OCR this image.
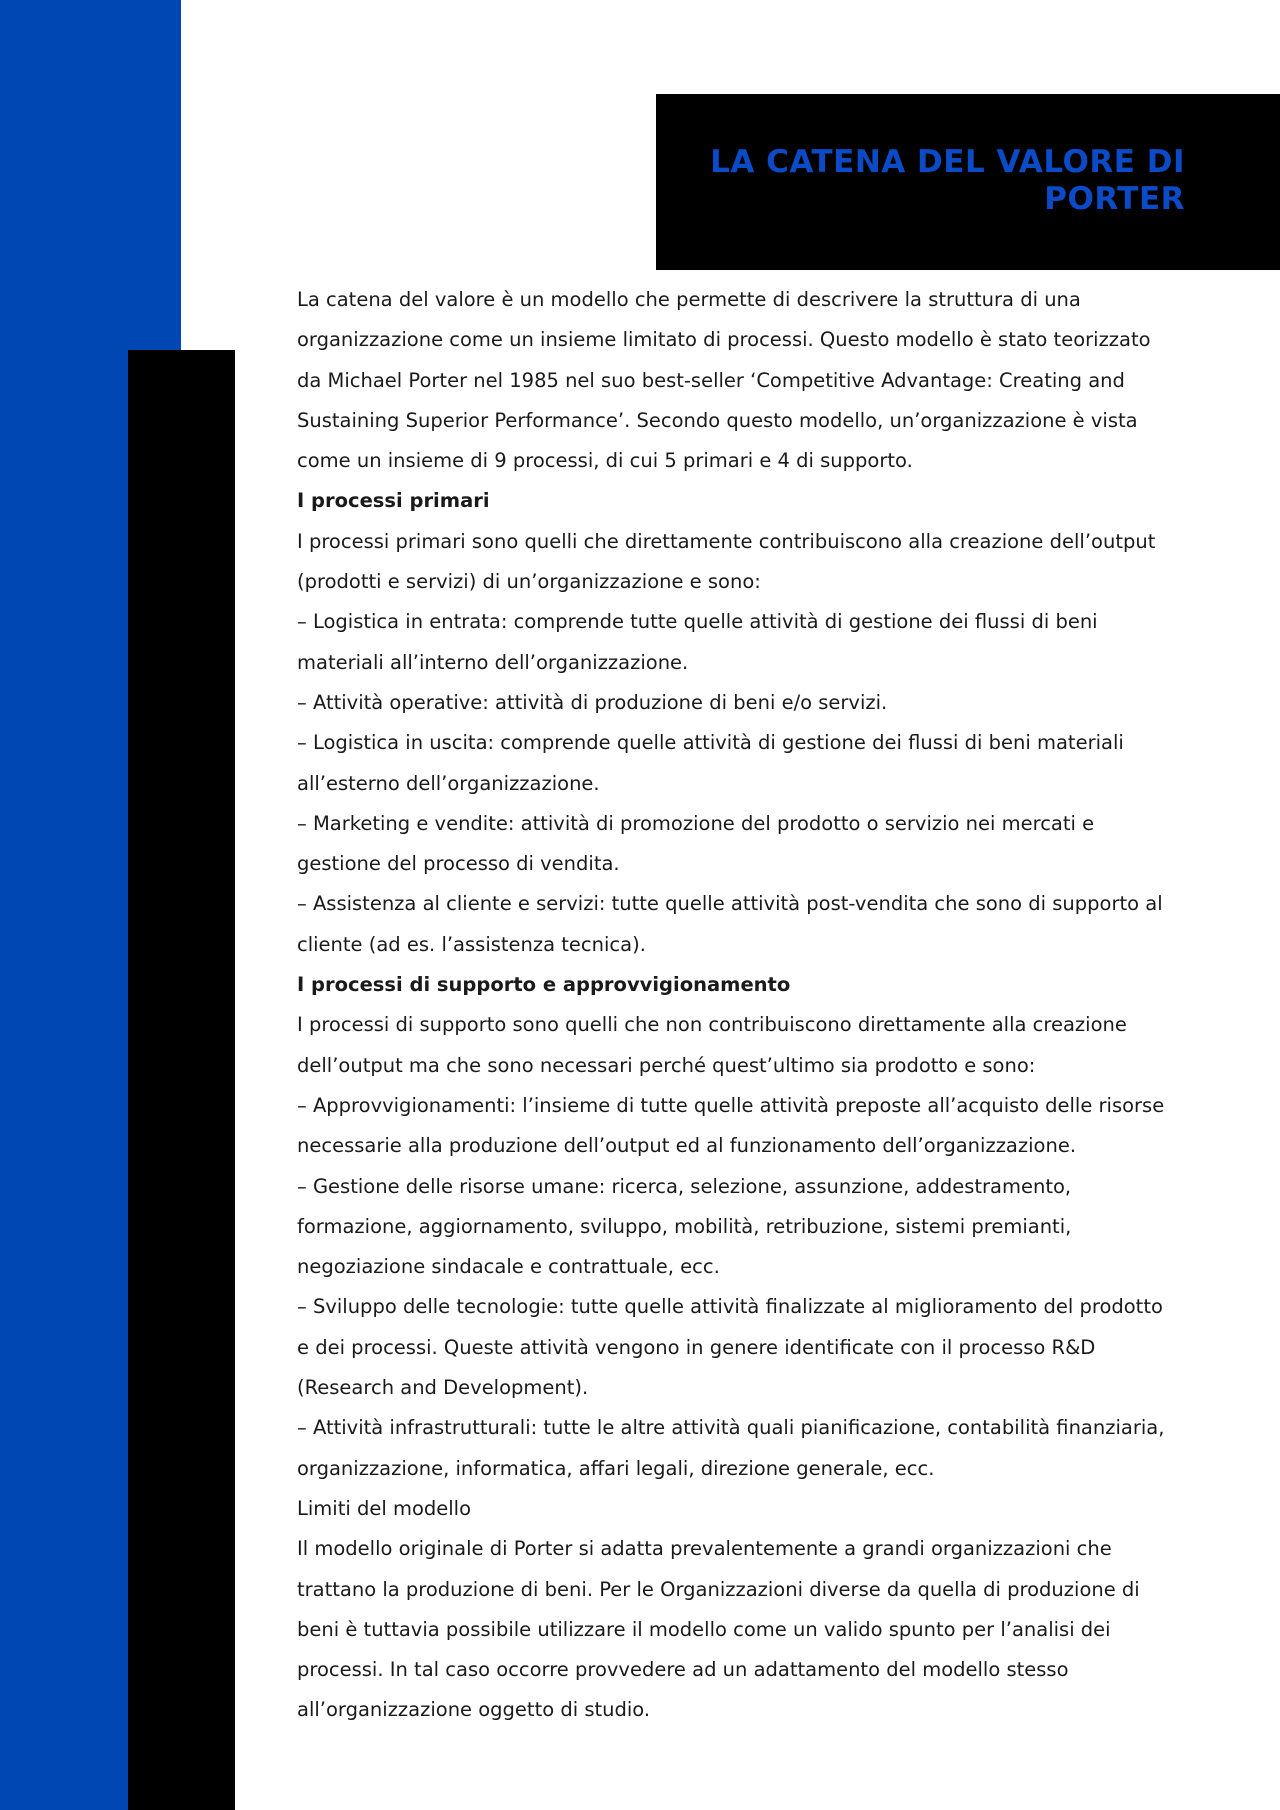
LA CATENA DEL VALORE DI PORTER

La catena del valore è un modello che permette di descrivere la struttura di una organizzazione come un insieme limitato di processi. Questo modello è stato teorizzato da Michael Porter nel 1985 nel suo best-seller ‘Competitive Advantage: Creating and Sustaining Superior Performance’. Secondo questo modello, un’organizzazione è vista come un insieme di 9 processi, di cui 5 primari e 4 di supporto.

I processi primari

I processi primari sono quelli che direttamente contribuiscono alla creazione dell’output (prodotti e servizi) di un’organizzazione e sono:

– Logistica in entrata: comprende tutte quelle attività di gestione dei flussi di beni materiali all’interno dell’organizzazione.

– Attività operative: attività di produzione di beni e/o servizi.

– Logistica in uscita: comprende quelle attività di gestione dei flussi di beni materiali all’esterno dell’organizzazione.

– Marketing e vendite: attività di promozione del prodotto o servizio nei mercati e gestione del processo di vendita.

– Assistenza al cliente e servizi: tutte quelle attività post-vendita che sono di supporto al cliente (ad es. l’assistenza tecnica).

I processi di supporto e approvvigionamento

I processi di supporto sono quelli che non contribuiscono direttamente alla creazione dell’output ma che sono necessari perché quest’ultimo sia prodotto e sono:

– Approvvigionamenti: l’insieme di tutte quelle attività preposte all’acquisto delle risorse necessarie alla produzione dell’output ed al funzionamento dell’organizzazione.

– Gestione delle risorse umane: ricerca, selezione, assunzione, addestramento, formazione, aggiornamento, sviluppo, mobilità, retribuzione, sistemi premianti, negoziazione sindacale e contrattuale, ecc.

– Sviluppo delle tecnologie: tutte quelle attività finalizzate al miglioramento del prodotto e dei processi. Queste attività vengono in genere identificate con il processo R&D (Research and Development).

– Attività infrastrutturali: tutte le altre attività quali pianificazione, contabilità finanziaria, organizzazione, informatica, affari legali, direzione generale, ecc.

Limiti del modello

Il modello originale di Porter si adatta prevalentemente a grandi organizzazioni che trattano la produzione di beni. Per le Organizzazioni diverse da quella di produzione di beni è tuttavia possibile utilizzare il modello come un valido spunto per l’analisi dei processi. In tal caso occorre provvedere ad un adattamento del modello stesso all’organizzazione oggetto di studio.
